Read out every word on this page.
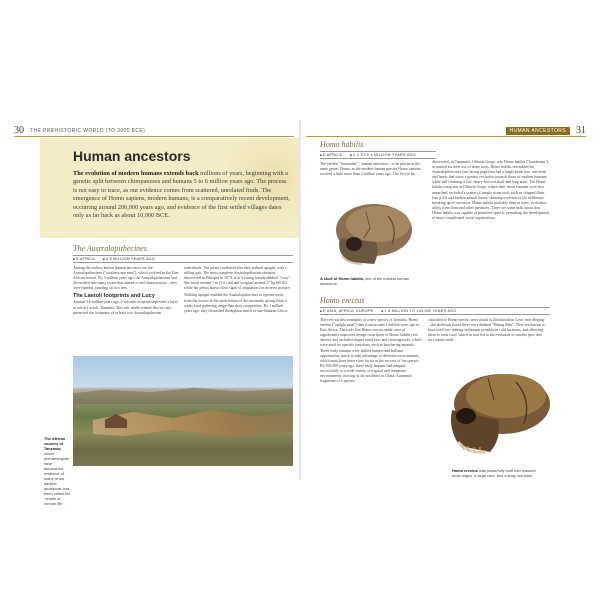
30 THE PREHISTORIC WORLD (TO 3000 BCE)	HUMAN ANCESTORS	31
Human ancestors
The evolution of modern humans extends back millions of years, beginning with a genetic split between chimpanzees and humans 5 to 6 million years ago. The process is not easy to trace, as our evidence comes from scattered, unrelated finds. The emergence of Homo sapiens, modern humans, is a comparatively recent development, occurring around 200,000 years ago, and evidence of the first settled villages dates only as far back as about 10,000 BCE.
The Australopithecines
■ E AFRICA	■ 4.5 MILLION YEARS AGO

Among the earliest known human ancestors are the Australopithecines ("southern ape men"), which evolved in the East African forests. By 3 million years ago, the Australopithecines had diversified into many forms that shared a vital characteristic – they were bipedal, standing on two feet.

The Laetoli footprints and Lucy

Around 3.6 million years ago, a volcanic eruption deposited a layer of ash at Laetoli, Tanzania. This ash, made cement-like by rain, preserved the footprints of at least two Australopithecine

individuals. The prints confirmed that they walked upright, with a rolling gait. The most complete Australopithecine skeleton, discovered in Ethiopia in 1974, is of a young female dubbed "Lucy". She stood around 1 m (3 ft) tall and weighed around 27 kg (60 lb), while her pelvis shows clear signs of adaptation for an erect posture.

Walking upright enabled the Australopithecines to operate away from the forests in the open terrain of the savannah, giving them a wider food-gathering range than their competitors. By 1 million years ago, they flourished throughout much of sub-Saharan Africa.

The African country of Tanzania, where archaeologists have discovered evidence of many of our earliest ancestors, has been called the "cradle of human life".
Homo habilis
■ E AFRICA	■ 2.4 TO 1.4 MILLION YEARS AGO
The earliest "homonins" – human ancestors – to be placed in the same genus, Homo, as the modern human species Homo sapiens, evolved a little more than 2 million years ago. The first to be
discovered, in Tanzania's Olduvai Gorge, was Homo habilis ("handyman"), so named for their use of stone tools. Homo habilis resembled the Australopithecines (see facing page) but had a larger brain size, and teeth and hands that show a greater evolution towards those of modern humans, while still retaining a low, heavy-browed skull and long arms. The Homo habilis camp site at Olduvai Gorge, where their fossil remains were first unearthed, included a scatter of simple stone tools such as chipped flints (see p.32) and broken animal bones, showing evidence of the deliberate breaking up of carcasses. Homo habilis probably slept in trees, in shallow safety from lions and other predators. There are some indications that Homo habilis was capable of primitive speech, permitting the development of more complicated social organization.
A skull of Homo habilis, one of the earliest human ancestors.
Homo erectus
■ E ASIA, AFRICA, EUROPE	■ 1.8 MILLION TO 143,000 YEARS AGO
The very earliest examples of a new species of hominin, Homo erectus ("upright man") date from around 2 million years ago in East Africa. The tools that Homo erectus made were of significantly improved design from those of Homo habilis (see above), and included shaped hand axes and cleaving tools, which were used for specific functions, such as butchering animals. These early humans were skilled hunters and brilliant opportunists, quick to take advantage of different environments, which must have been a key factor in the success of the species. By 500,000 years ago, these early humans had adapted successfully to a wide variety of tropical and temperate environments, moving as far northeast as China. Autumnal fragments of a species
classified as Homo erectus were found in Zhoukoudian Cave, near Beijing – the skeletons found there were dubbed "Peking Man". They are known to have used fire, making settlement possible in cold locations, and allowing them to cook food, which in turn led to the evolution of smaller jaws and less robust teeth.
Homo erectus was powerfully built with massive brow ridges, a large face, and a long, low skull.
